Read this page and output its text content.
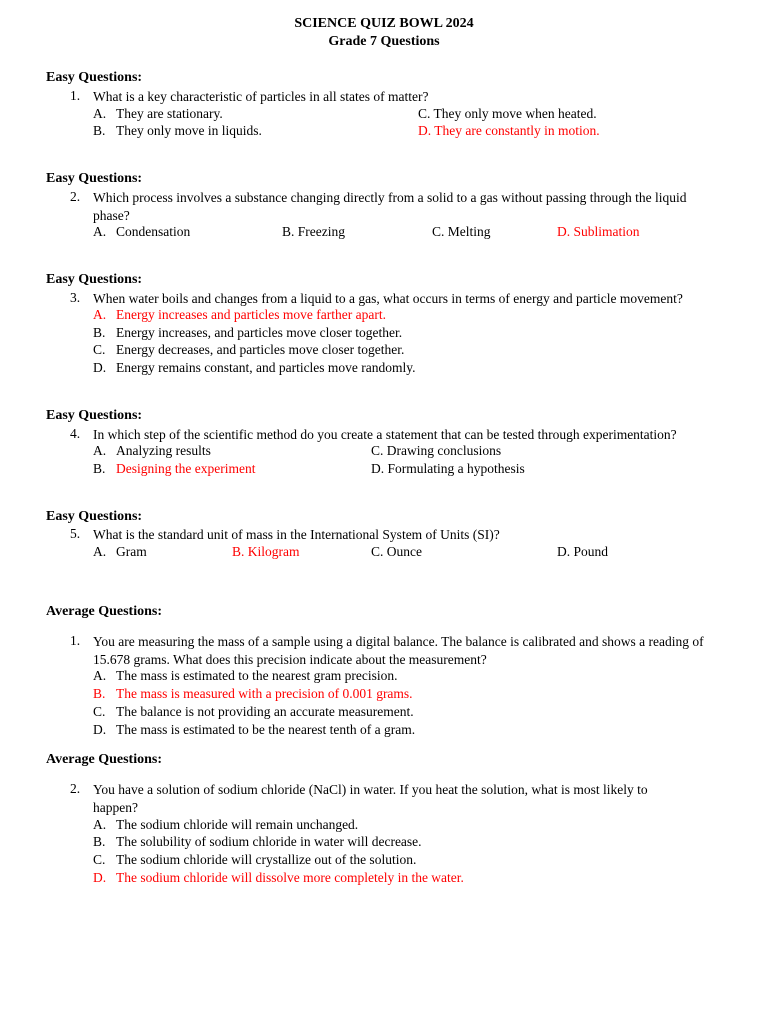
SCIENCE QUIZ BOWL 2024
Grade 7 Questions
Easy Questions:
1. What is a key characteristic of particles in all states of matter?
A. They are stationary.
B. They only move in liquids.
C. They only move when heated.
D. They are constantly in motion.
Easy Questions:
2. Which process involves a substance changing directly from a solid to a gas without passing through the liquid phase?
A. Condensation	B. Freezing	C. Melting	D. Sublimation
Easy Questions:
3. When water boils and changes from a liquid to a gas, what occurs in terms of energy and particle movement?
A. Energy increases and particles move farther apart.
B. Energy increases, and particles move closer together.
C. Energy decreases, and particles move closer together.
D. Energy remains constant, and particles move randomly.
Easy Questions:
4. In which step of the scientific method do you create a statement that can be tested through experimentation?
A. Analyzing results
B. Designing the experiment
C. Drawing conclusions
D. Formulating a hypothesis
Easy Questions:
5. What is the standard unit of mass in the International System of Units (SI)?
A. Gram	B. Kilogram	C. Ounce	D. Pound
Average Questions:
1. You are measuring the mass of a sample using a digital balance. The balance is calibrated and shows a reading of 15.678 grams. What does this precision indicate about the measurement?
A. The mass is estimated to the nearest gram precision.
B. The mass is measured with a precision of 0.001 grams.
C. The balance is not providing an accurate measurement.
D. The mass is estimated to be the nearest tenth of a gram.
Average Questions:
2. You have a solution of sodium chloride (NaCl) in water. If you heat the solution, what is most likely to happen?
A. The sodium chloride will remain unchanged.
B. The solubility of sodium chloride in water will decrease.
C. The sodium chloride will crystallize out of the solution.
D. The sodium chloride will dissolve more completely in the water.
